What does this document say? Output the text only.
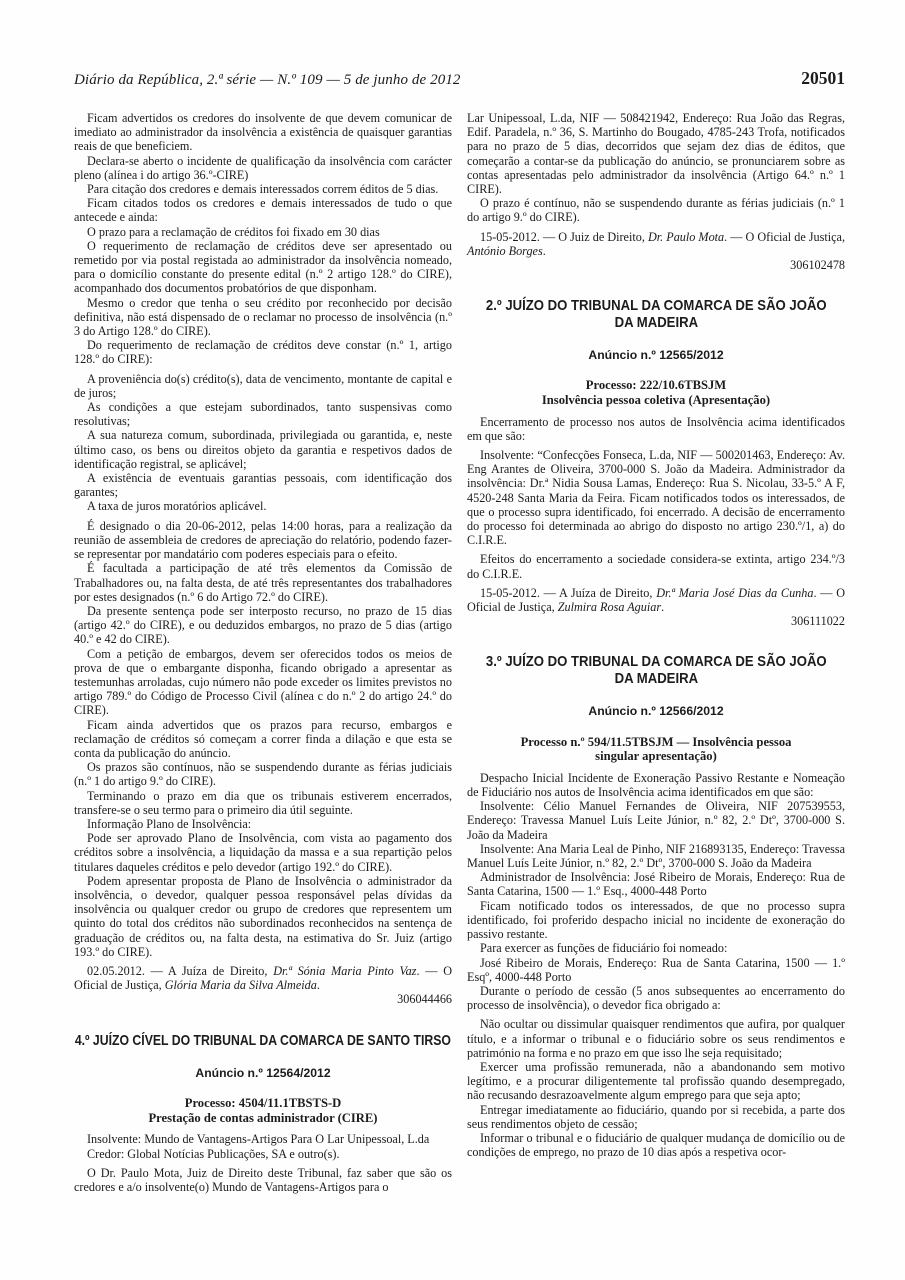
Diário da República, 2.ª série — N.º 109 — 5 de junho de 2012	20501

Ficam advertidos os credores do insolvente de que devem comunicar de imediato ao administrador da insolvência a existência de quaisquer garantias reais de que beneficiem.

Declara-se aberto o incidente de qualificação da insolvência com carácter pleno (alínea i do artigo 36.º-CIRE)

Para citação dos credores e demais interessados correm éditos de 5 dias.

Ficam citados todos os credores e demais interessados de tudo o que antecede e ainda:

O prazo para a reclamação de créditos foi fixado em 30 dias

O requerimento de reclamação de créditos deve ser apresentado ou remetido por via postal registada ao administrador da insolvência nomeado, para o domicílio constante do presente edital (n.º 2 artigo 128.º do CIRE), acompanhado dos documentos probatórios de que disponham.

Mesmo o credor que tenha o seu crédito por reconhecido por decisão definitiva, não está dispensado de o reclamar no processo de insolvência (n.º 3 do Artigo 128.º do CIRE).

Do requerimento de reclamação de créditos deve constar (n.º 1, artigo 128.º do CIRE):

A proveniência do(s) crédito(s), data de vencimento, montante de capital e de juros;

As condições a que estejam subordinados, tanto suspensivas como resolutivas;

A sua natureza comum, subordinada, privilegiada ou garantida, e, neste último caso, os bens ou direitos objeto da garantia e respetivos dados de identificação registral, se aplicável;

A existência de eventuais garantias pessoais, com identificação dos garantes;

A taxa de juros moratórios aplicável.

É designado o dia 20-06-2012, pelas 14:00 horas, para a realização da reunião de assembleia de credores de apreciação do relatório, podendo fazer-se representar por mandatário com poderes especiais para o efeito.

É facultada a participação de até três elementos da Comissão de Trabalhadores ou, na falta desta, de até três representantes dos trabalhadores por estes designados (n.º 6 do Artigo 72.º do CIRE).

Da presente sentença pode ser interposto recurso, no prazo de 15 dias (artigo 42.º do CIRE), e ou deduzidos embargos, no prazo de 5 dias (artigo 40.º e 42 do CIRE).

Com a petição de embargos, devem ser oferecidos todos os meios de prova de que o embargante disponha, ficando obrigado a apresentar as testemunhas arroladas, cujo número não pode exceder os limites previstos no artigo 789.º do Código de Processo Civil (alínea c do n.º 2 do artigo 24.º do CIRE).

Ficam ainda advertidos que os prazos para recurso, embargos e reclamação de créditos só começam a correr finda a dilação e que esta se conta da publicação do anúncio.

Os prazos são contínuos, não se suspendendo durante as férias judiciais (n.º 1 do artigo 9.º do CIRE).

Terminando o prazo em dia que os tribunais estiverem encerrados, transfere-se o seu termo para o primeiro dia útil seguinte.

Informação Plano de Insolvência:

Pode ser aprovado Plano de Insolvência, com vista ao pagamento dos créditos sobre a insolvência, a liquidação da massa e a sua repartição pelos titulares daqueles créditos e pelo devedor (artigo 192.º do CIRE).

Podem apresentar proposta de Plano de Insolvência o administrador da insolvência, o devedor, qualquer pessoa responsável pelas dívidas da insolvência ou qualquer credor ou grupo de credores que representem um quinto do total dos créditos não subordinados reconhecidos na sentença de graduação de créditos ou, na falta desta, na estimativa do Sr. Juiz (artigo 193.º do CIRE).

02.05.2012. — A Juíza de Direito, Dr.ª Sónia Maria Pinto Vaz. — O Oficial de Justiça, Glória Maria da Silva Almeida.

306044466

4.º JUÍZO CÍVEL DO TRIBUNAL DA COMARCA DE SANTO TIRSO

Anúncio n.º 12564/2012

Processo: 4504/11.1TBSTS-D
Prestação de contas administrador (CIRE)

Insolvente: Mundo de Vantagens-Artigos Para O Lar Unipessoal, L.da

Credor: Global Notícias Publicações, SA e outro(s).

O Dr. Paulo Mota, Juiz de Direito deste Tribunal, faz saber que são os credores e a/o insolvente(o) Mundo de Vantagens-Artigos para o

Lar Unipessoal, L.da, NIF — 508421942, Endereço: Rua João das Regras, Edif. Paradela, n.º 36, S. Martinho do Bougado, 4785-243 Trofa, notificados para no prazo de 5 dias, decorridos que sejam dez dias de éditos, que começarão a contar-se da publicação do anúncio, se pronunciarem sobre as contas apresentadas pelo administrador da insolvência (Artigo 64.º n.º 1 CIRE).

O prazo é contínuo, não se suspendendo durante as férias judiciais (n.º 1 do artigo 9.º do CIRE).

15-05-2012. — O Juiz de Direito, Dr. Paulo Mota. — O Oficial de Justiça, António Borges.

306102478

2.º JUÍZO DO TRIBUNAL DA COMARCA DE SÃO JOÃO
DA MADEIRA

Anúncio n.º 12565/2012

Processo: 222/10.6TBSJM
Insolvência pessoa coletiva (Apresentação)

Encerramento de processo nos autos de Insolvência acima identificados em que são:

Insolvente: “Confecções Fonseca, L.da, NIF — 500201463, Endereço: Av. Eng Arantes de Oliveira, 3700-000 S. João da Madeira. Administrador da insolvência: Dr.ª Nidia Sousa Lamas, Endereço: Rua S. Nicolau, 33-5.º A F, 4520-248 Santa Maria da Feira. Ficam notificados todos os interessados, de que o processo supra identificado, foi encerrado. A decisão de encerramento do processo foi determinada ao abrigo do disposto no artigo 230.º/1, a) do C.I.R.E.

Efeitos do encerramento a sociedade considera-se extinta, artigo 234.º/3 do C.I.R.E.

15-05-2012. — A Juíza de Direito, Dr.ª Maria José Dias da Cunha. — O Oficial de Justiça, Zulmira Rosa Aguiar.

306111022

3.º JUÍZO DO TRIBUNAL DA COMARCA DE SÃO JOÃO
DA MADEIRA

Anúncio n.º 12566/2012

Processo n.º 594/11.5TBSJM — Insolvência pessoa
singular apresentação)

Despacho Inicial Incidente de Exoneração Passivo Restante e Nomeação de Fiduciário nos autos de Insolvência acima identificados em que são:

Insolvente: Célio Manuel Fernandes de Oliveira, NIF 207539553, Endereço: Travessa Manuel Luís Leite Júnior, n.º 82, 2.º Dtº, 3700-000 S. João da Madeira

Insolvente: Ana Maria Leal de Pinho, NIF 216893135, Endereço: Travessa Manuel Luís Leite Júnior, n.º 82, 2.º Dtº, 3700-000 S. João da Madeira

Administrador de Insolvência: José Ribeiro de Morais, Endereço: Rua de Santa Catarina, 1500 — 1.º Esq., 4000-448 Porto

Ficam notificado todos os interessados, de que no processo supra identificado, foi proferido despacho inicial no incidente de exoneração do passivo restante.

Para exercer as funções de fiduciário foi nomeado:

José Ribeiro de Morais, Endereço: Rua de Santa Catarina, 1500 — 1.º Esqº, 4000-448 Porto

Durante o período de cessão (5 anos subsequentes ao encerramento do processo de insolvência), o devedor fica obrigado a:

Não ocultar ou dissimular quaisquer rendimentos que aufira, por qualquer título, e a informar o tribunal e o fiduciário sobre os seus rendimentos e património na forma e no prazo em que isso lhe seja requisitado;

Exercer uma profissão remunerada, não a abandonando sem motivo legítimo, e a procurar diligentemente tal profissão quando desempregado, não recusando desrazoavelmente algum emprego para que seja apto;

Entregar imediatamente ao fiduciário, quando por si recebida, a parte dos seus rendimentos objeto de cessão;

Informar o tribunal e o fiduciário de qualquer mudança de domicílio ou de condições de emprego, no prazo de 10 dias após a respetiva ocor-
